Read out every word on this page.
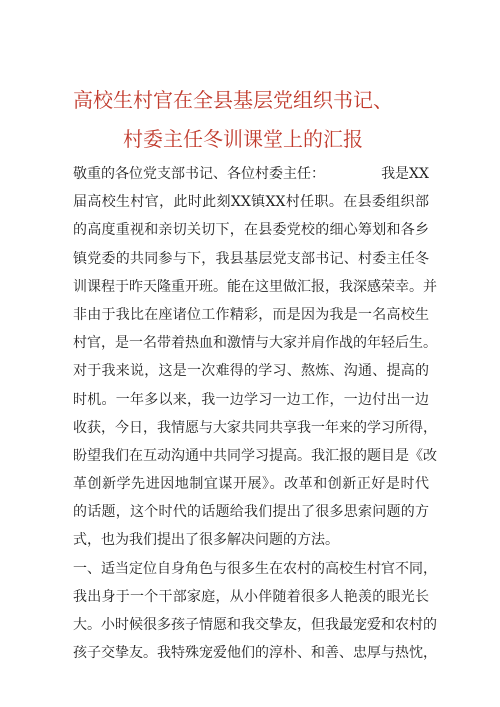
高校生村官在全县基层党组织书记、
村委主任冬训课堂上的汇报
敬重的各位党支部书记、各位村委主任：	我是XX
届高校生村官，此时此刻XX镇XX村任职。在县委组织部
的高度重视和亲切关切下，在县委党校的细心筹划和各乡
镇党委的共同参与下，我县基层党支部书记、村委主任冬
训课程于昨天隆重开班。能在这里做汇报，我深感荣幸。并
非由于我比在座诸位工作精彩，而是因为我是一名高校生
村官，是一名带着热血和激情与大家并肩作战的年轻后生。
对于我来说，这是一次难得的学习、熬炼、沟通、提高的
时机。一年多以来，我一边学习一边工作，一边付出一边
收获，今日，我情愿与大家共同共享我一年来的学习所得，
盼望我们在互动沟通中共同学习提高。我汇报的题目是《改
革创新学先进因地制宜谋开展》。改革和创新正好是时代
的话题，这个时代的话题给我们提出了很多思索问题的方
式，也为我们提出了很多解决问题的方法。
一、适当定位自身角色与很多生在农村的高校生村官不同，
我出身于一个干部家庭，从小伴随着很多人艳羡的眼光长
大。小时候很多孩子情愿和我交挚友，但我最宠爱和农村的
孩子交挚友。我特殊宠爱他们的淳朴、和善、忠厚与热忱，
